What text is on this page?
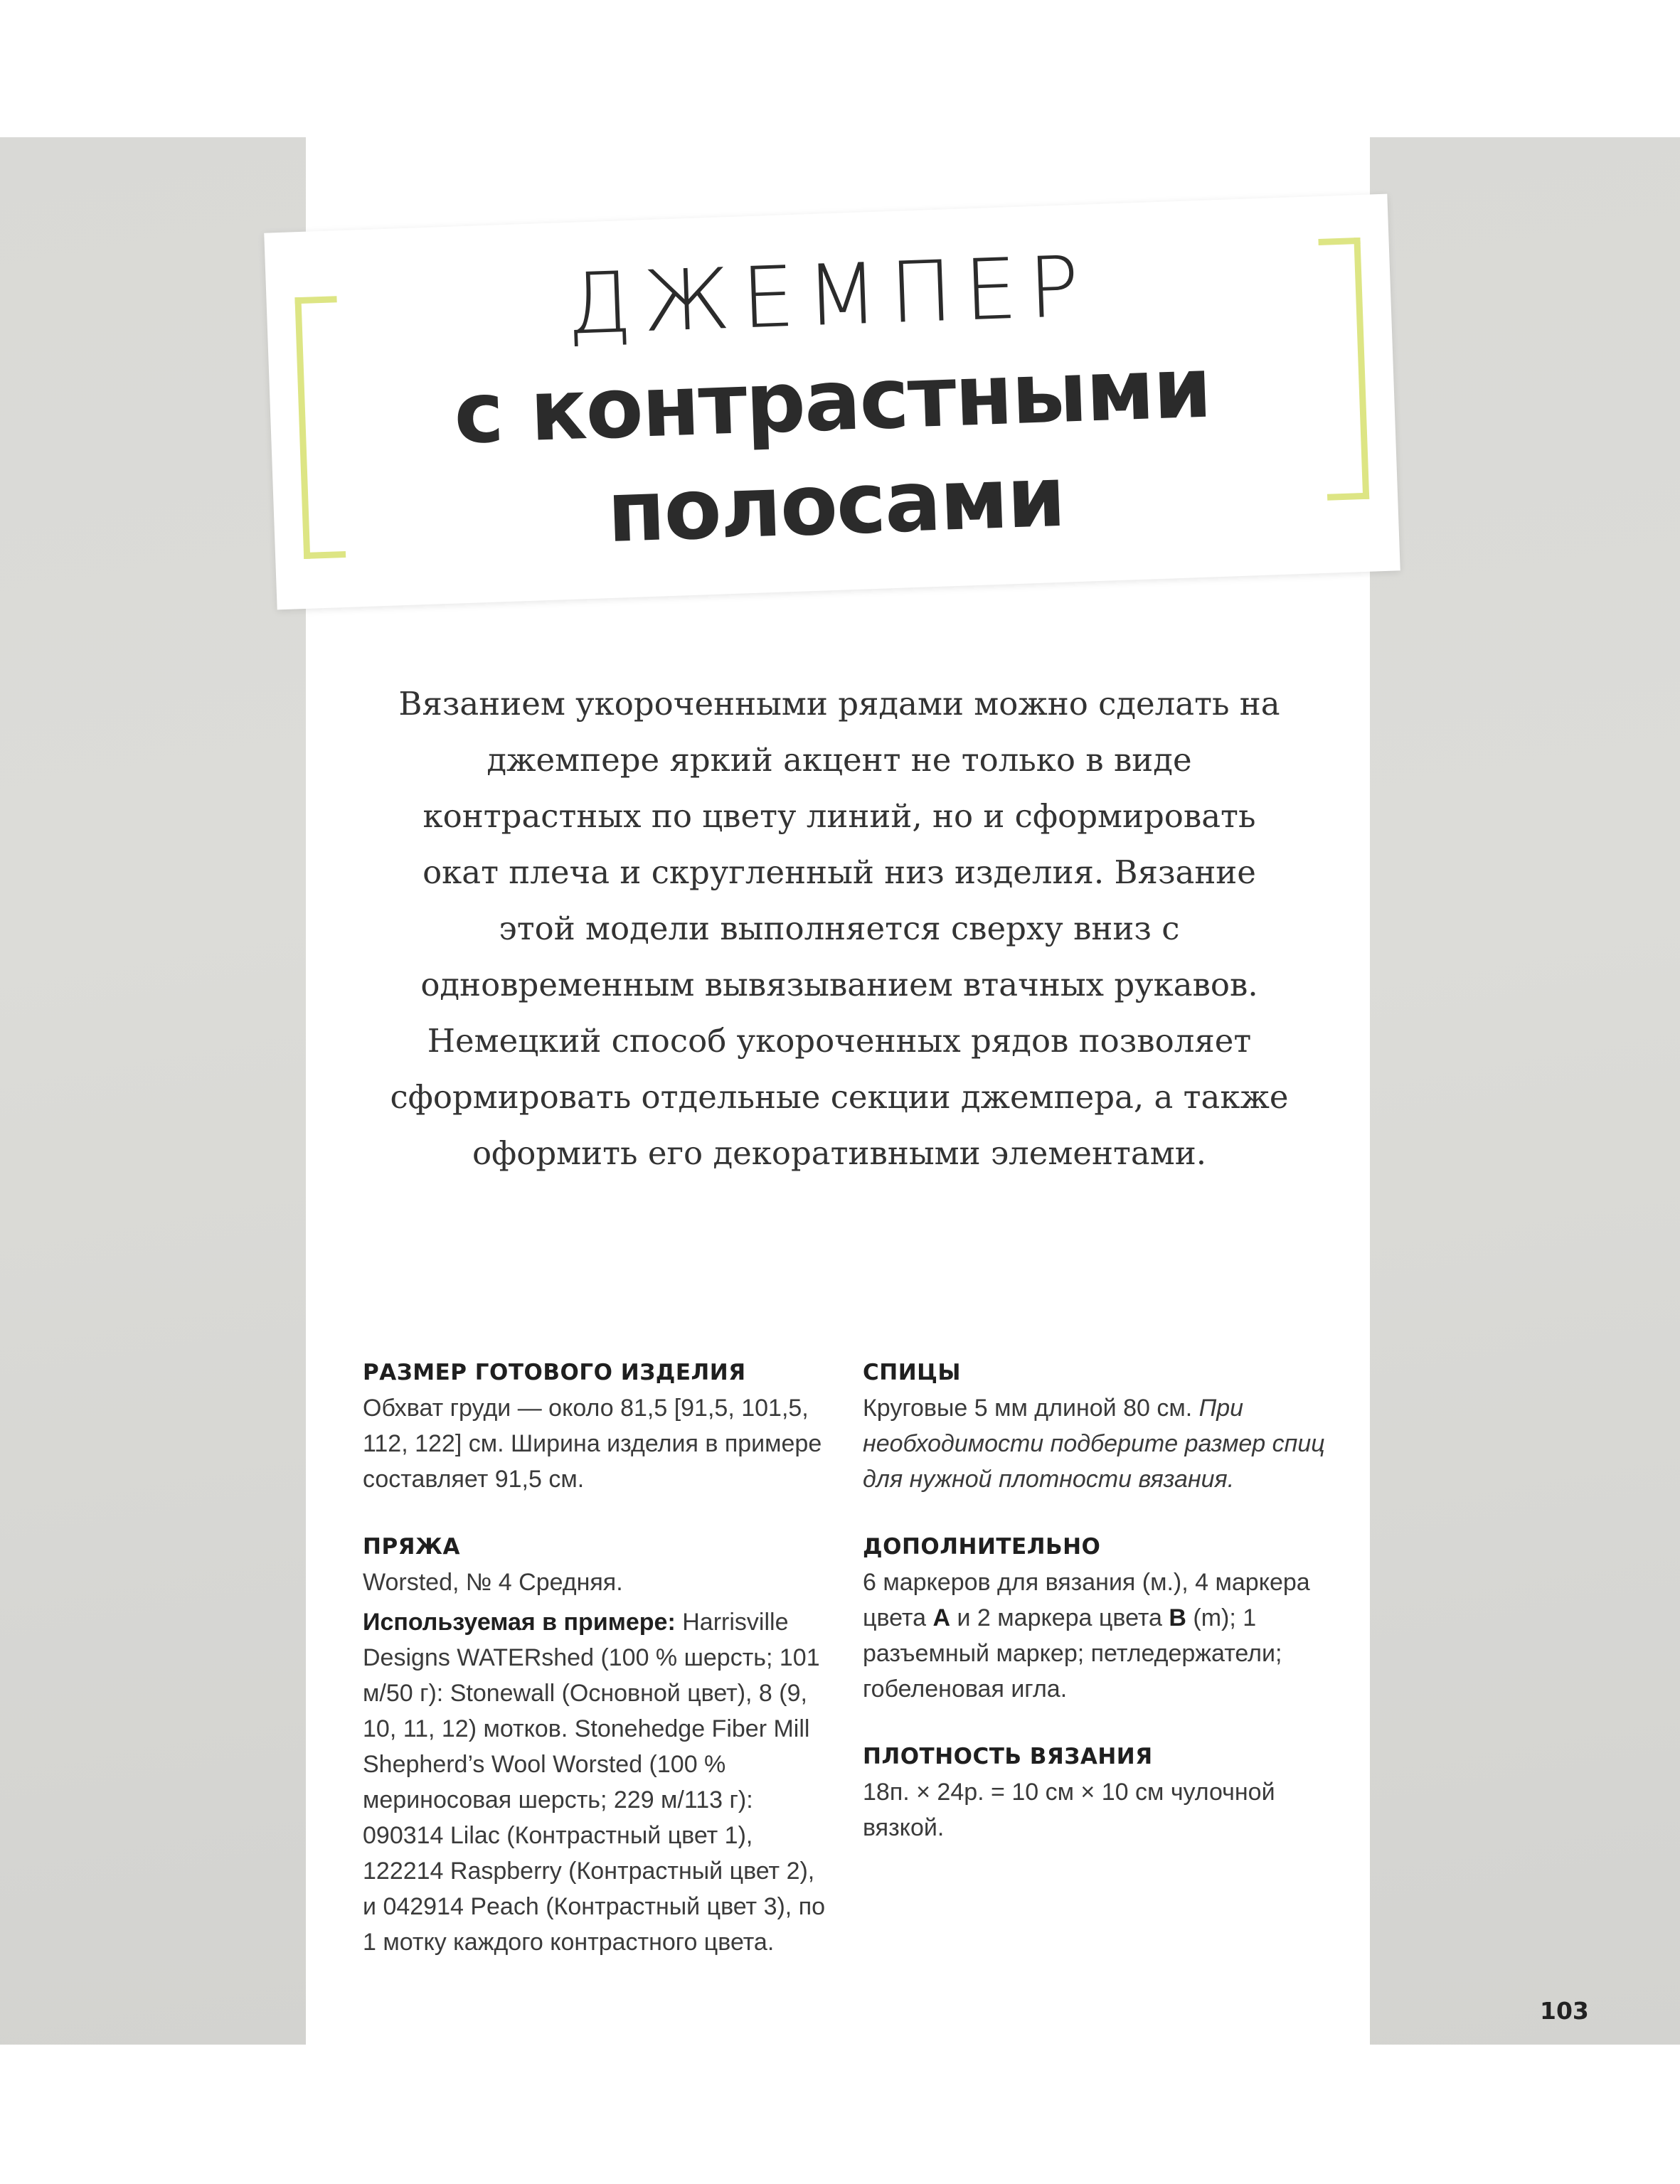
ДЖЕМПЕР
с контрастными
полосами

Вязанием укороченными рядами можно сделать на джемпере яркий акцент не только в виде контрастных по цвету линий, но и сформировать окат плеча и скругленный низ изделия. Вязание этой модели выполняется сверху вниз с одновременным вывязыванием втачных рукавов. Немецкий способ укороченных рядов позволяет сформировать отдельные секции джемпера, а также оформить его декоративными элементами.

РАЗМЕР ГОТОВОГО ИЗДЕЛИЯ

Обхват груди — около 81,5 [91,5, 101,5, 112, 122] см. Ширина изделия в примере составляет 91,5 см.

ПРЯЖА

Worsted, № 4 Средняя.

Используемая в примере: Harrisville Designs WATERshed (100 % шерсть; 101 м/50 г): Stonewall (Основной цвет), 8 (9, 10, 11, 12) мотков. Stonehedge Fiber Mill Shepherd’s Wool Worsted (100 % мериносовая шерсть; 229 м/113 г): 090314 Lilac (Контрастный цвет 1), 122214 Raspberry (Контрастный цвет 2), и 042914 Peach (Контрастный цвет 3), по 1 мотку каждого контрастного цвета.

СПИЦЫ

Круговые 5 мм длиной 80 см. При необходимости подберите размер спиц для нужной плотности вязания.

ДОПОЛНИТЕЛЬНО

6 маркеров для вязания (м.), 4 маркера цвета A и 2 маркера цвета B (m); 1 разъемный маркер; петледержатели; гобеленовая игла.

ПЛОТНОСТЬ ВЯЗАНИЯ

18п. × 24р. = 10 см × 10 см чулочной вязкой.

103
